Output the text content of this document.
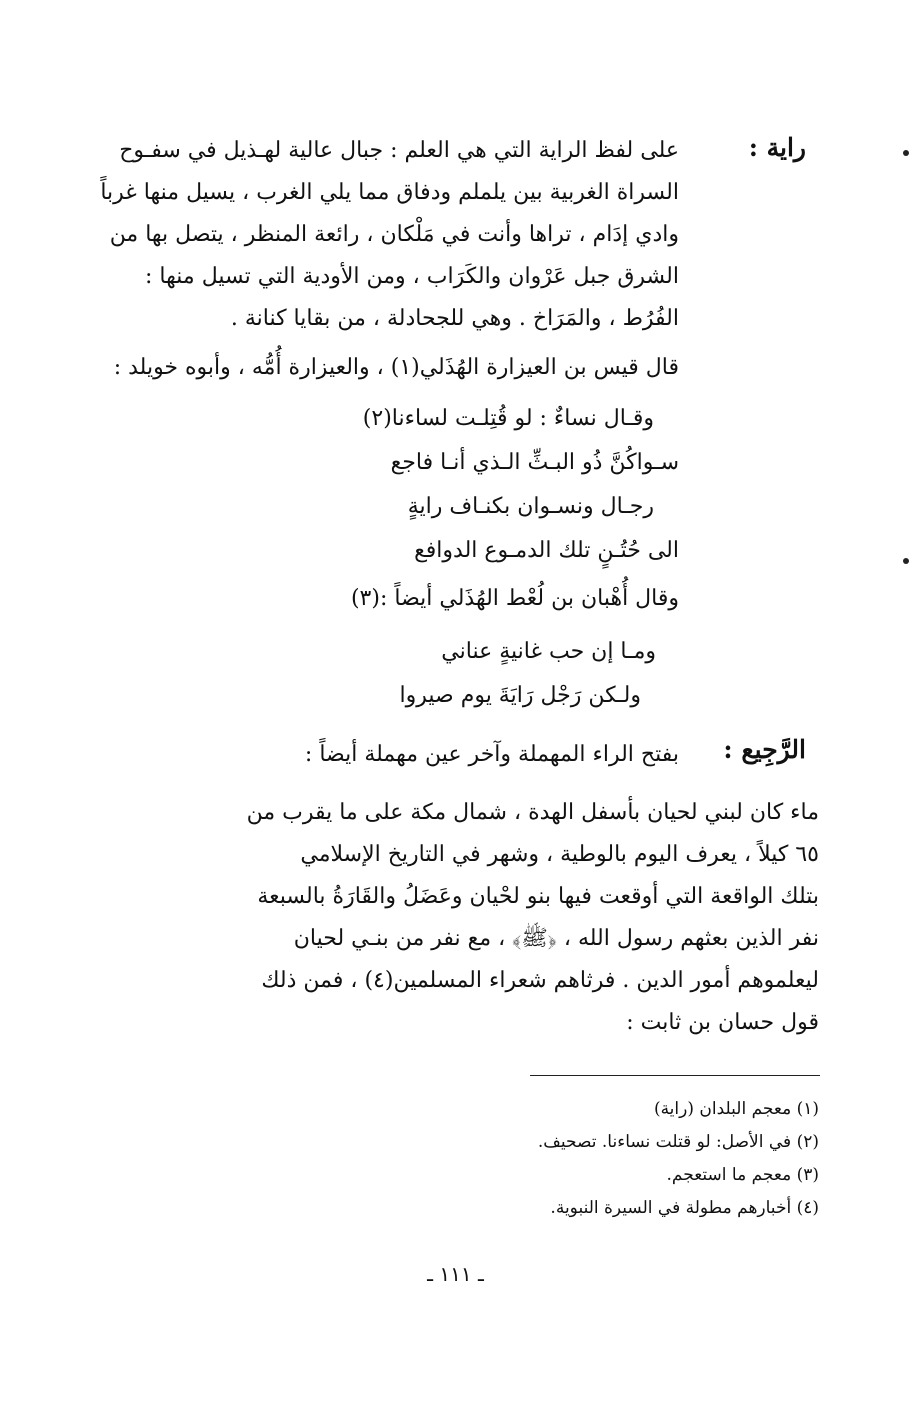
راية :
على لفظ الراية التي هي العلم : جبال عالية لهـذيل في سفـوح
السراة الغربية بين يلملم ودفاق مما يلي الغرب ، يسيل منها غرباً
وادي إدَام ، تراها وأنت في مَلْكان ، رائعة المنظر ، يتصل بها من
الشرق جبل عَرْوان والكَرَاب ، ومن الأودية التي تسيل منها :
الفُرُط ، والمَرَاخ . وهي للجحادلة ، من بقايا كنانة .
قال قيس بن العيزارة الهُذَلي(١) ، والعيزارة أُمُّه ، وأبوه خويلد :
وقـال نساءٌ : لو قُتِلـت لساءنا(٢)
سـواكُنَّ ذُو البـثِّ الـذي أنـا فاجع
رجـال ونسـوان بكنـاف رايةٍ
الى حُتُـنٍ تلك الدمـوع الدوافع
وقال أُهْبان بن لُعْط الهُذَلي أيضاً :(٣)
ومـا إن حب غانيةٍ عناني
ولـكن رَجْل رَايَةَ يوم صيروا
الرَّجِيع :
بفتح الراء المهملة وآخر عين مهملة أيضاً :
ماء كان لبني لحيان بأسفل الهدة ، شمال مكة على ما يقرب من
٦٥ كيلاً ، يعرف اليوم بالوطية ، وشهر في التاريخ الإسلامي
بتلك الواقعة التي أوقعت فيها بنو لحْيان وعَضَلُ والقَارَةُ بالسبعة
نفر الذين بعثهم رسول الله ، ﴿ﷺ﴾ ، مع نفر من بنـي لحيان
ليعلموهم أمور الدين . فرثاهم شعراء المسلمين(٤) ، فمن ذلك
قول حسان بن ثابت :
(١) معجم البلدان (راية)
(٢) في الأصل: لو قتلت نساءنا. تصحيف.
(٣) معجم ما استعجم.
(٤) أخبارهم مطولة في السيرة النبوية.
ـ ١١١ ـ
